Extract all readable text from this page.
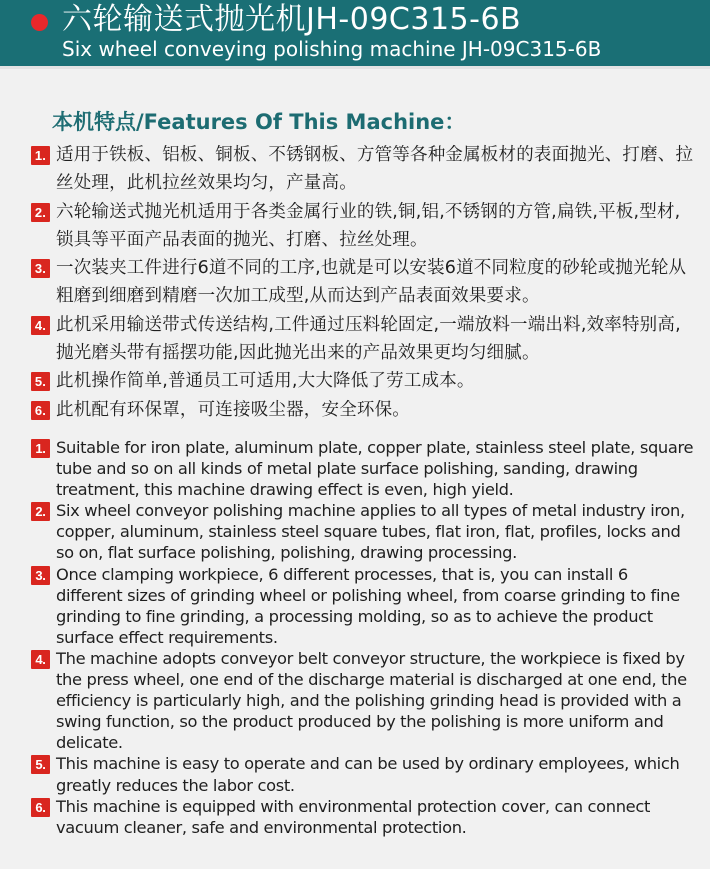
六轮输送式抛光机JH-09C315-6B
Six wheel conveying polishing machine JH-09C315-6B
本机特点/Features Of This Machine：
1. 适用于铁板、铝板、铜板、不锈钢板、方管等各种金属板材的表面抛光、打磨、拉丝处理，此机拉丝效果均匀，产量高。
2. 六轮输送式抛光机适用于各类金属行业的铁,铜,铝,不锈钢的方管,扁铁,平板,型材,锁具等平面产品表面的抛光、打磨、拉丝处理。
3. 一次装夹工件进行6道不同的工序,也就是可以安装6道不同粒度的砂轮或抛光轮从粗磨到细磨到精磨一次加工成型,从而达到产品表面效果要求。
4. 此机采用输送带式传送结构,工件通过压料轮固定,一端放料一端出料,效率特别高,抛光磨头带有摇摆功能,因此抛光出来的产品效果更均匀细腻。
5. 此机操作简单,普通员工可适用,大大降低了劳工成本。
6. 此机配有环保罩，可连接吸尘器，安全环保。
1. Suitable for iron plate, aluminum plate, copper plate, stainless steel plate, square tube and so on all kinds of metal plate surface polishing, sanding, drawing treatment, this machine drawing effect is even, high yield.
2. Six wheel conveyor polishing machine applies to all types of metal industry iron, copper, aluminum, stainless steel square tubes, flat iron, flat, profiles, locks and so on, flat surface polishing, polishing, drawing processing.
3. Once clamping workpiece, 6 different processes, that is, you can install 6 different sizes of grinding wheel or polishing wheel, from coarse grinding to fine grinding to fine grinding, a processing molding, so as to achieve the product surface effect requirements.
4. The machine adopts conveyor belt conveyor structure, the workpiece is fixed by the press wheel, one end of the discharge material is discharged at one end, the efficiency is particularly high, and the polishing grinding head is provided with a swing function, so the product produced by the polishing is more uniform and delicate.
5. This machine is easy to operate and can be used by ordinary employees, which greatly reduces the labor cost.
6. This machine is equipped with environmental protection cover, can connect vacuum cleaner, safe and environmental protection.
